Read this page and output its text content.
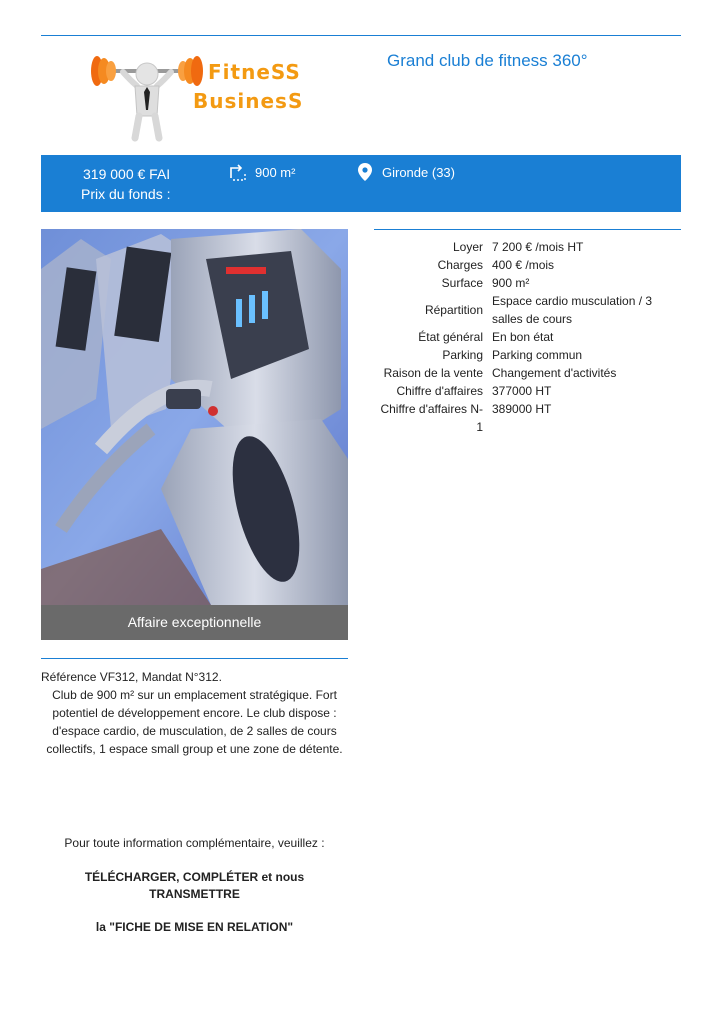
FitneSS
BusinesS
Grand club de fitness 360°
319 000 € FAI
Prix du fonds :
900 m²	Gironde (33)
Affaire exceptionnelle
Loyer 7 200 € /mois HT
Charges 400 € /mois
Surface 900 m²
Répartition
Espace cardio musculation / 3 salles de cours
État général En bon état
Parking Parking commun
Raison de la vente Changement d'activités
Chiffre d'affaires 377000 HT
Chiffre d'affaires N-1
389000 HT
Référence VF312, Mandat N°312.
Club de 900 m² sur un emplacement stratégique. Fort potentiel de développement encore. Le club dispose : d'espace cardio, de musculation, de 2 salles de cours collectifs, 1 espace small group et une zone de détente.
Pour toute information complémentaire, veuillez :
TÉLÉCHARGER, COMPLÉTER et nous TRANSMETTRE
la "FICHE DE MISE EN RELATION"
